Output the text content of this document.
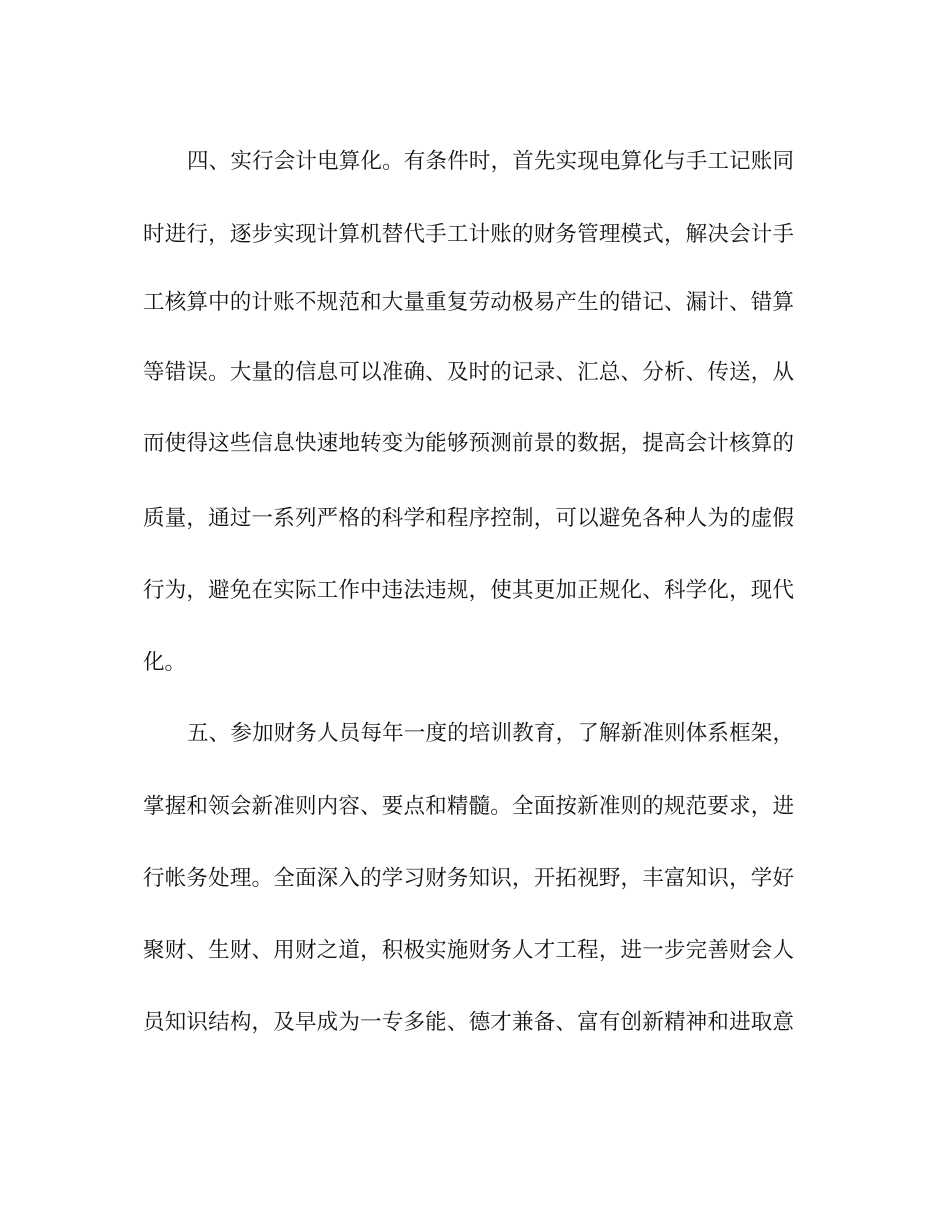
四、实行会计电算化。有条件时，首先实现电算化与手工记账同
时进行，逐步实现计算机替代手工计账的财务管理模式，解决会计手
工核算中的计账不规范和大量重复劳动极易产生的错记、漏计、错算
等错误。大量的信息可以准确、及时的记录、汇总、分析、传送，从
而使得这些信息快速地转变为能够预测前景的数据，提高会计核算的
质量，通过一系列严格的科学和程序控制，可以避免各种人为的虚假
行为，避免在实际工作中违法违规，使其更加正规化、科学化，现代
化。
五、参加财务人员每年一度的培训教育，了解新准则体系框架，
掌握和领会新准则内容、要点和精髓。全面按新准则的规范要求，进
行帐务处理。全面深入的学习财务知识，开拓视野，丰富知识，学好
聚财、生财、用财之道，积极实施财务人才工程，进一步完善财会人
员知识结构，及早成为一专多能、德才兼备、富有创新精神和进取意
